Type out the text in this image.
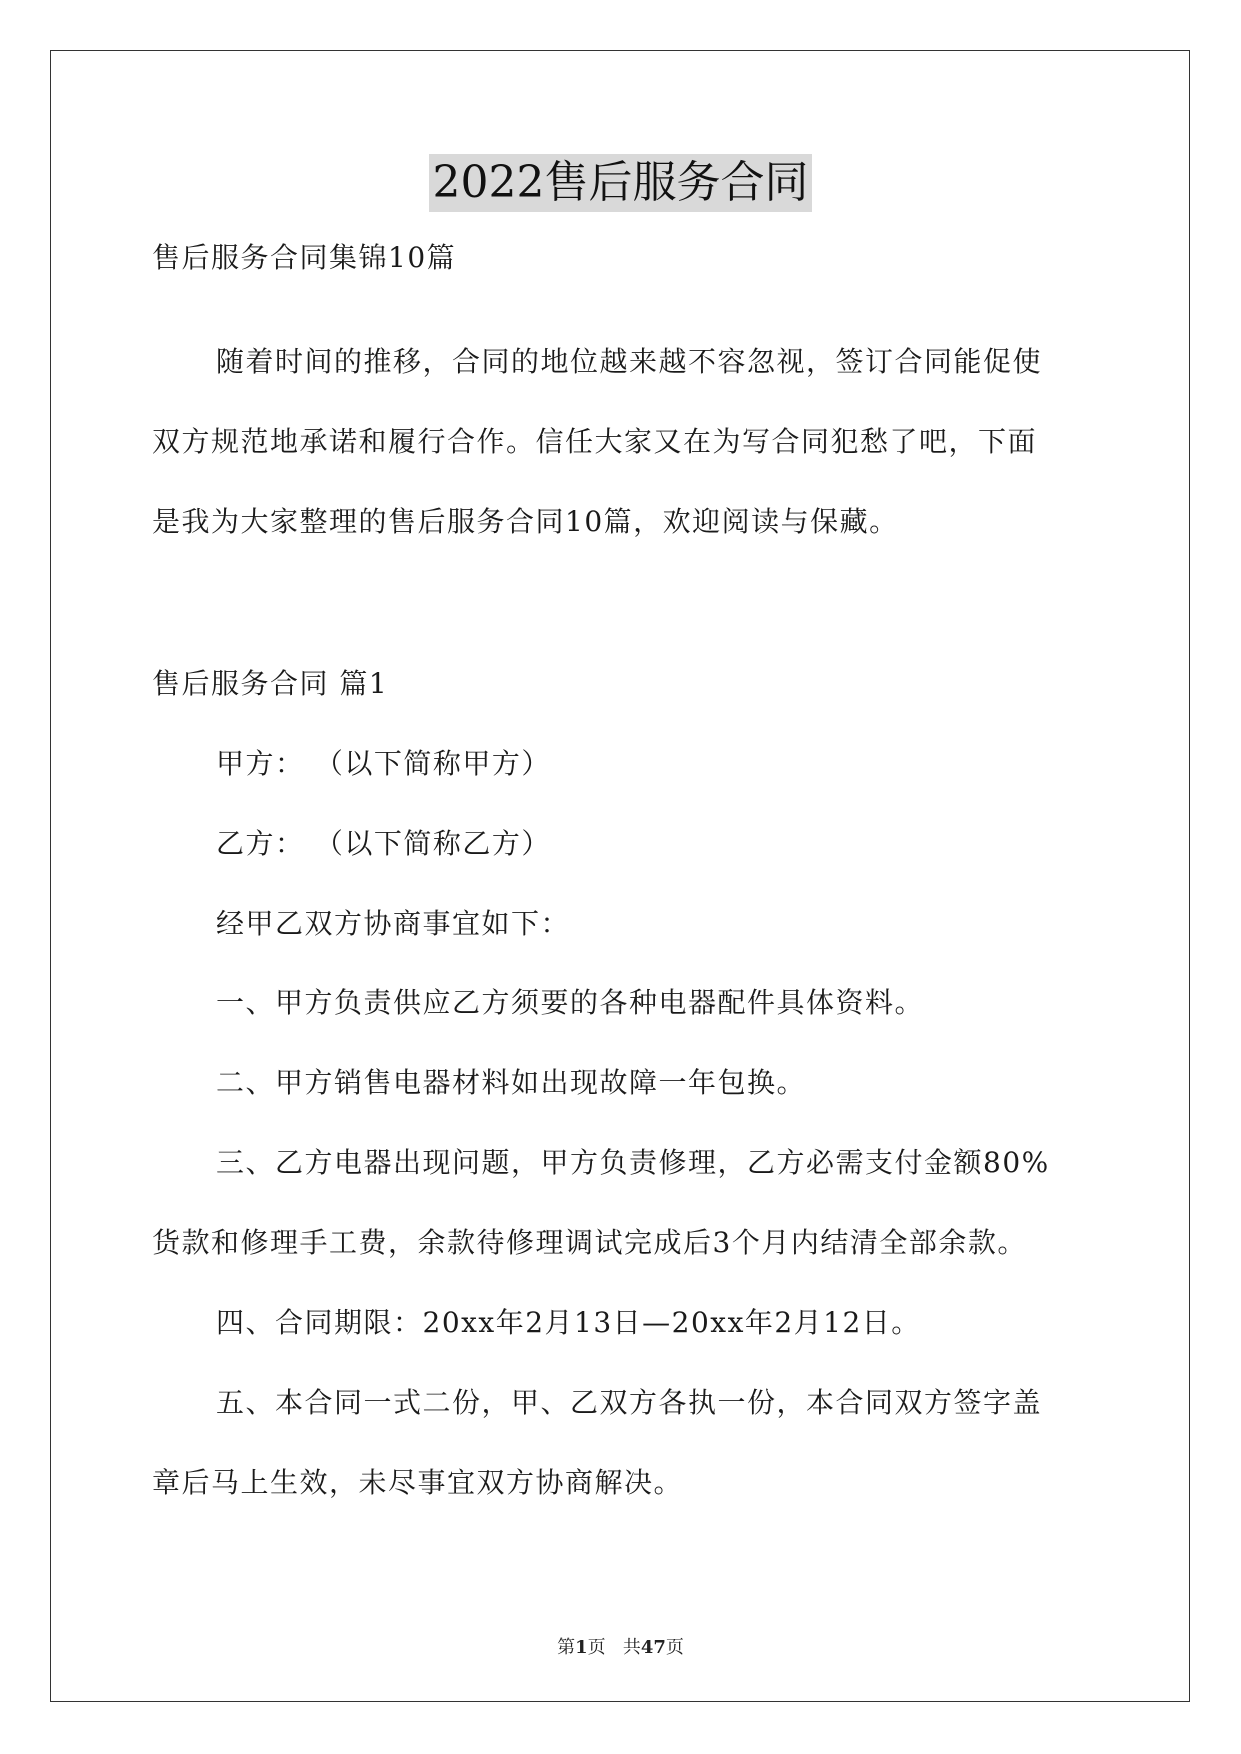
2022售后服务合同
售后服务合同集锦10篇
随着时间的推移，合同的地位越来越不容忽视，签订合同能促使
双方规范地承诺和履行合作。信任大家又在为写合同犯愁了吧，下面
是我为大家整理的售后服务合同10篇，欢迎阅读与保藏。
售后服务合同 篇1
甲方： （以下简称甲方）
乙方： （以下简称乙方）
经甲乙双方协商事宜如下：
一、甲方负责供应乙方须要的各种电器配件具体资料。
二、甲方销售电器材料如出现故障一年包换。
三、乙方电器出现问题，甲方负责修理，乙方必需支付金额80%
货款和修理手工费，余款待修理调试完成后3个月内结清全部余款。
四、合同期限：20xx年2月13日—20xx年2月12日。
五、本合同一式二份，甲、乙双方各执一份，本合同双方签字盖
章后马上生效，未尽事宜双方协商解决。
第1页 共47页
